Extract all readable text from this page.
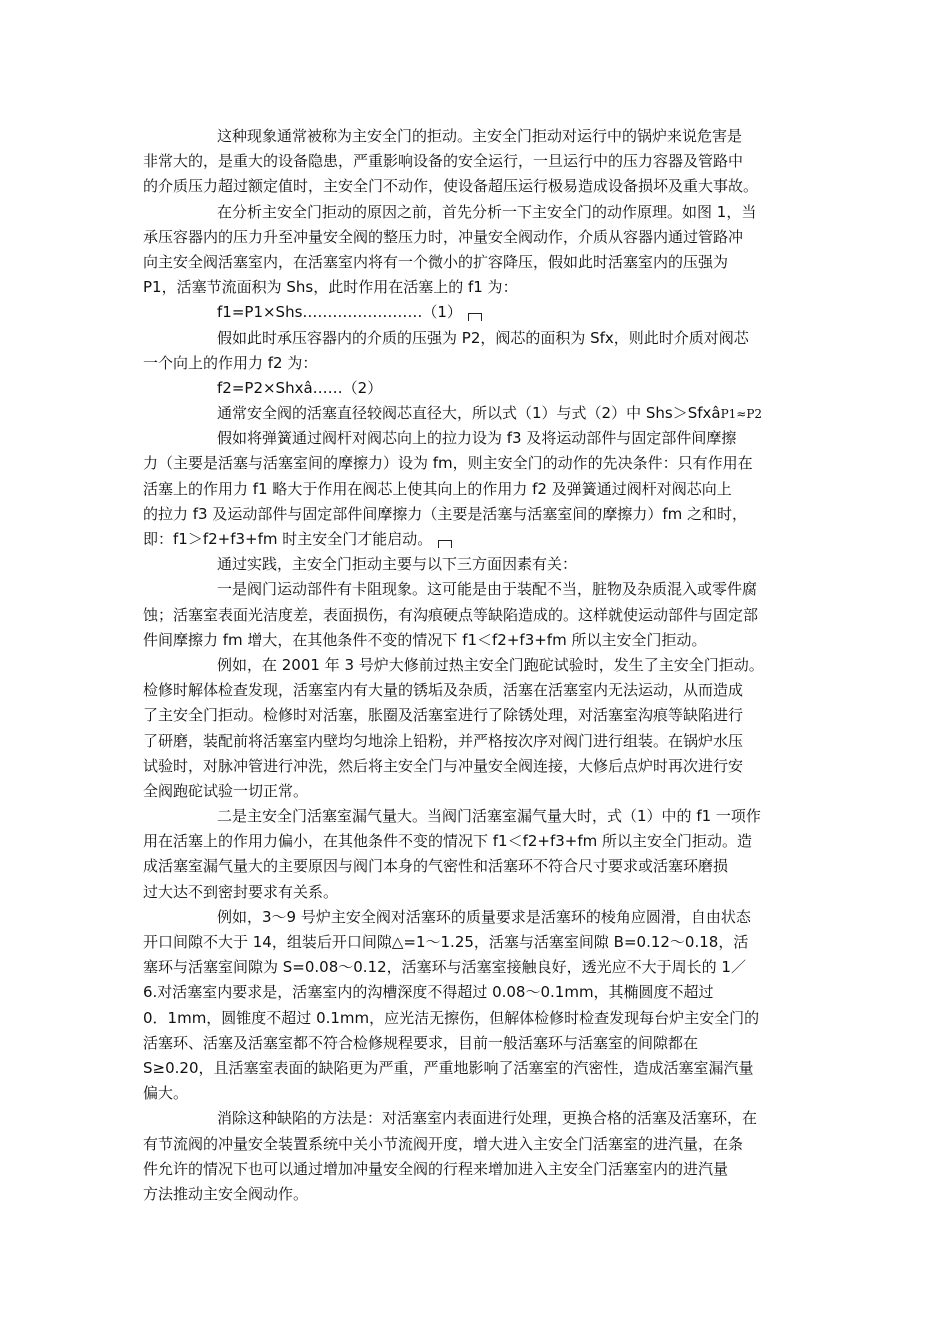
这种现象通常被称为主安全门的拒动。主安全门拒动对运行中的锅炉来说危害是
非常大的，是重大的设备隐患，严重影响设备的安全运行，一旦运行中的压力容器及管路中
的介质压力超过额定值时，主安全门不动作，使设备超压运行极易造成设备损坏及重大事故。
在分析主安全门拒动的原因之前，首先分析一下主安全门的动作原理。如图 1，当
承压容器内的压力升至冲量安全阀的整压力时，冲量安全阀动作，介质从容器内通过管路冲
向主安全阀活塞室内，在活塞室内将有一个微小的扩容降压，假如此时活塞室内的压强为
P1，活塞节流面积为 Shs，此时作用在活塞上的 f1 为：
f1=P1×Shs……………………（1）
假如此时承压容器内的介质的压强为 P2，阀芯的面积为 Sfx，则此时介质对阀芯
一个向上的作用力 f2 为：
f2=P2×Shxâ……（2）
通常安全阀的活塞直径较阀芯直径大，所以式（1）与式（2）中 Shs＞SfxâP1≈P2
假如将弹簧通过阀杆对阀芯向上的拉力设为 f3 及将运动部件与固定部件间摩擦
力（主要是活塞与活塞室间的摩擦力）设为 fm，则主安全门的动作的先决条件：只有作用在
活塞上的作用力 f1 略大于作用在阀芯上使其向上的作用力 f2 及弹簧通过阀杆对阀芯向上
的拉力 f3 及运动部件与固定部件间摩擦力（主要是活塞与活塞室间的摩擦力）fm 之和时，
即：f1＞f2+f3+fm 时主安全门才能启动。
通过实践，主安全门拒动主要与以下三方面因素有关：
一是阀门运动部件有卡阻现象。这可能是由于装配不当，脏物及杂质混入或零件腐
蚀；活塞室表面光洁度差，表面损伤，有沟痕硬点等缺陷造成的。这样就使运动部件与固定部
件间摩擦力 fm 增大，在其他条件不变的情况下 f1＜f2+f3+fm 所以主安全门拒动。
例如，在 2001 年 3 号炉大修前过热主安全门跑砣试验时，发生了主安全门拒动。
检修时解体检查发现，活塞室内有大量的锈垢及杂质，活塞在活塞室内无法运动，从而造成
了主安全门拒动。检修时对活塞，胀圈及活塞室进行了除锈处理，对活塞室沟痕等缺陷进行
了研磨，装配前将活塞室内壁均匀地涂上铅粉，并严格按次序对阀门进行组装。在锅炉水压
试验时，对脉冲管进行冲洗，然后将主安全门与冲量安全阀连接，大修后点炉时再次进行安
全阀跑砣试验一切正常。
二是主安全门活塞室漏气量大。当阀门活塞室漏气量大时，式（1）中的 f1 一项作
用在活塞上的作用力偏小，在其他条件不变的情况下 f1＜f2+f3+fm 所以主安全门拒动。造
成活塞室漏气量大的主要原因与阀门本身的气密性和活塞环不符合尺寸要求或活塞环磨损
过大达不到密封要求有关系。
例如，3～9 号炉主安全阀对活塞环的质量要求是活塞环的棱角应圆滑，自由状态
开口间隙不大于 14，组装后开口间隙△=1～1.25，活塞与活塞室间隙 B=0.12～0.18，活
塞环与活塞室间隙为 S=0.08～0.12，活塞环与活塞室接触良好，透光应不大于周长的 1／
6.对活塞室内要求是，活塞室内的沟槽深度不得超过 0.08～0.1mm，其椭圆度不超过
0．1mm，圆锥度不超过 0.1mm，应光洁无擦伤，但解体检修时检查发现每台炉主安全门的
活塞环、活塞及活塞室都不符合检修规程要求，目前一般活塞环与活塞室的间隙都在
S≥0.20，且活塞室表面的缺陷更为严重，严重地影响了活塞室的汽密性，造成活塞室漏汽量
偏大。
消除这种缺陷的方法是：对活塞室内表面进行处理，更换合格的活塞及活塞环，在
有节流阀的冲量安全装置系统中关小节流阀开度，增大进入主安全门活塞室的进汽量，在条
件允许的情况下也可以通过增加冲量安全阀的行程来增加进入主安全门活塞室内的进汽量
方法推动主安全阀动作。
